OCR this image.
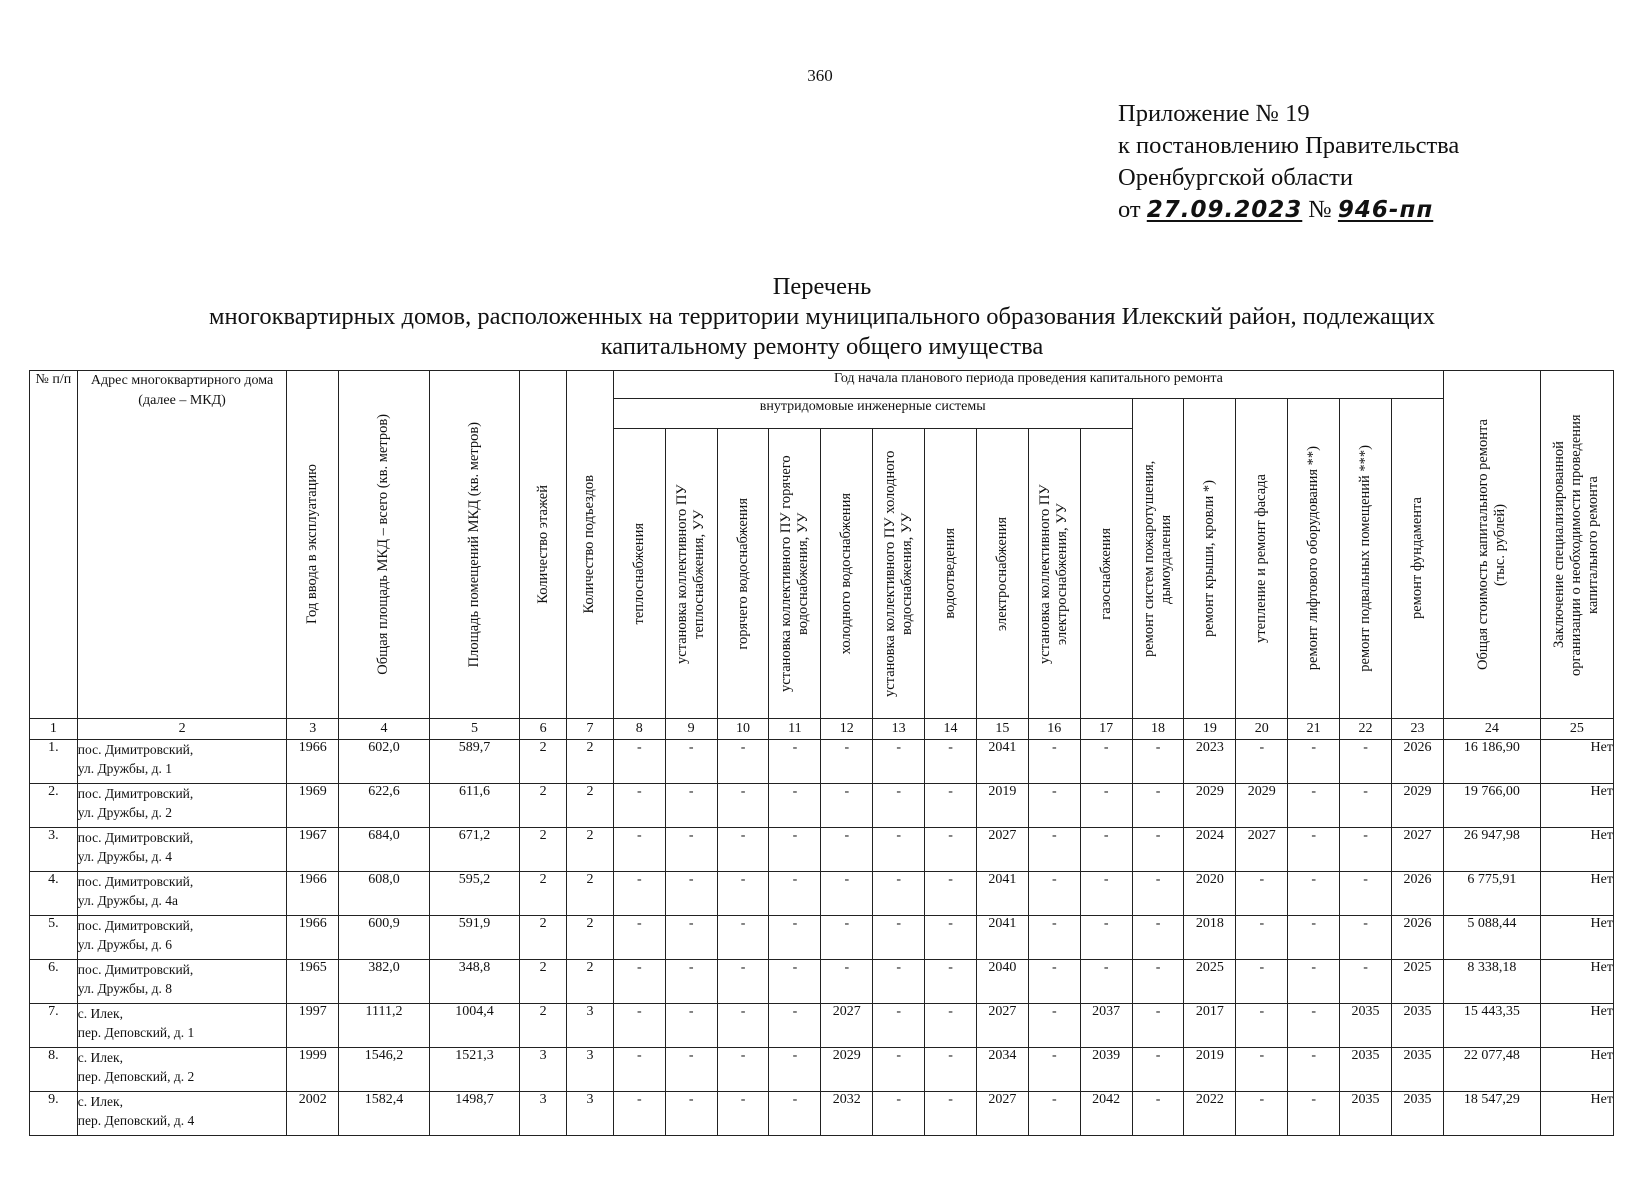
360
Приложение № 19
к постановлению Правительства
Оренбургской области
от 27.09.2023 № 946-пп
Перечень
многоквартирных домов, расположенных на территории муниципального образования Илекский район, подлежащих
капитальному ремонту общего имущества
№ п/п	Адрес многоквартирного дома (далее – МКД)	Год ввода в эксплуатацию	Общая площадь МКД – всего (кв. метров)	Площадь помещений МКД (кв. метров)	Количество этажей	Количество подъездов	Год начала планового периода проведения капитального ремонта																Общая стоимость капитального ремонта (тыс. рублей)	Заключение специализированной организации о необходимости проведения капитального ремонта

							внутридомовые инженерные системы										ремонт систем пожаротушения, дымоудаления	ремонт крыши, кровли *)	утепление и ремонт фасада	ремонт лифтового оборудования **)	ремонт подвальных помещений ***)	ремонт фундамента		

							теплоснабжения	установка коллективного ПУ теплоснабжения, УУ	горячего водоснабжения	установка коллективного ПУ горячего водоснабжения, УУ	холодного водоснабжения	установка коллективного ПУ холодного водоснабжения, УУ	водоотведения	электроснабжения	установка коллективного ПУ электроснабжения, УУ	газоснабжения								

1	2	3	4	5	6	7	8	9	10	11	12	13	14	15	16	17	18	19	20	21	22	23	24	25
1.	пос. Димитровский,
ул. Дружбы, д. 1	1966	602,0	589,7	2	2	-	-	-	-	-	-	-	2041	-	-	-	2023	-	-	-	2026	16 186,90	Нет
2.	пос. Димитровский,
ул. Дружбы, д. 2	1969	622,6	611,6	2	2	-	-	-	-	-	-	-	2019	-	-	-	2029	2029	-	-	2029	19 766,00	Нет
3.	пос. Димитровский,
ул. Дружбы, д. 4	1967	684,0	671,2	2	2	-	-	-	-	-	-	-	2027	-	-	-	2024	2027	-	-	2027	26 947,98	Нет
4.	пос. Димитровский,
ул. Дружбы, д. 4а	1966	608,0	595,2	2	2	-	-	-	-	-	-	-	2041	-	-	-	2020	-	-	-	2026	6 775,91	Нет
5.	пос. Димитровский,
ул. Дружбы, д. 6	1966	600,9	591,9	2	2	-	-	-	-	-	-	-	2041	-	-	-	2018	-	-	-	2026	5 088,44	Нет
6.	пос. Димитровский,
ул. Дружбы, д. 8	1965	382,0	348,8	2	2	-	-	-	-	-	-	-	2040	-	-	-	2025	-	-	-	2025	8 338,18	Нет
7.	с. Илек,
пер. Деповский, д. 1	1997	1111,2	1004,4	2	3	-	-	-	-	2027	-	-	2027	-	2037	-	2017	-	-	2035	2035	15 443,35	Нет
8.	с. Илек,
пер. Деповский, д. 2	1999	1546,2	1521,3	3	3	-	-	-	-	2029	-	-	2034	-	2039	-	2019	-	-	2035	2035	22 077,48	Нет
9.	с. Илек,
пер. Деповский, д. 4	2002	1582,4	1498,7	3	3	-	-	-	-	2032	-	-	2027	-	2042	-	2022	-	-	2035	2035	18 547,29	Нет
